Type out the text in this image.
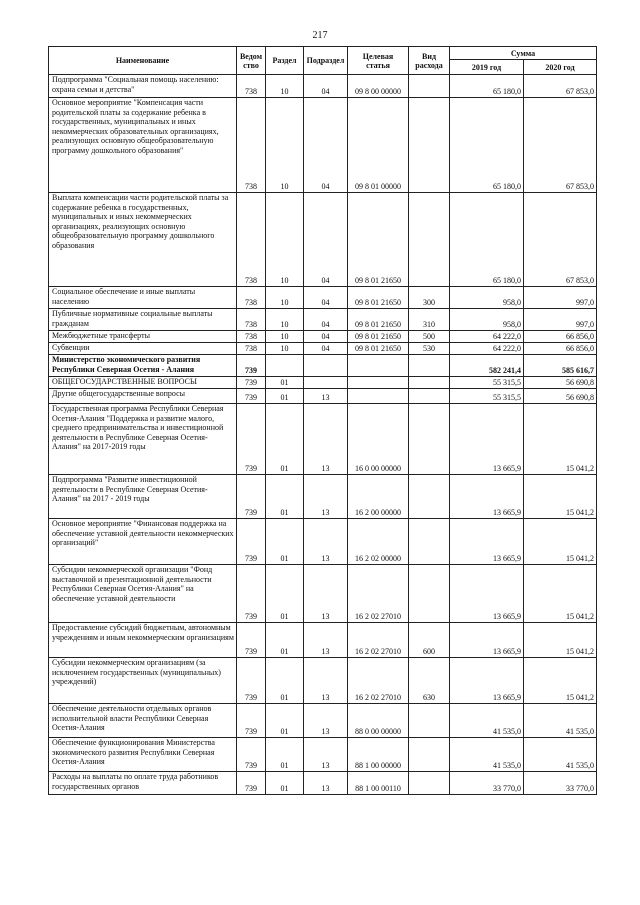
217
Наименование	Ведом ство	Раздел	Подраздел	Целевая статья	Вид расхода	Сумма	
						2019 год	2020 год
Подпрограмма "Социальная помощь населению: охрана семьи и детства"	738	10	04	09 8 00 00000		65 180,0	67 853,0
Основное мероприятие "Компенсация части родительской платы за содержание ребенка в государственных, муниципальных и иных некоммерческих образовательных организациях, реализующих основную общеобразовательную программу дошкольного образования"	738	10	04	09 8 01 00000		65 180,0	67 853,0
Выплата компенсации части родительской платы за содержание ребенка в государственных, муниципальных и иных некоммерческих организациях, реализующих основную общеобразовательную программу дошкольного образования	738	10	04	09 8 01 21650		65 180,0	67 853,0
Социальное обеспечение и иные выплаты населению	738	10	04	09 8 01 21650	300	958,0	997,0
Публичные нормативные социальные выплаты гражданам	738	10	04	09 8 01 21650	310	958,0	997,0
Межбюджетные трансферты	738	10	04	09 8 01 21650	500	64 222,0	66 856,0
Субвенции	738	10	04	09 8 01 21650	530	64 222,0	66 856,0
Министерство экономического развития Республики Северная Осетия - Алания	739					582 241,4	585 616,7
ОБЩЕГОСУДАРСТВЕННЫЕ ВОПРОСЫ	739	01				55 315,5	56 690,8
Другие общегосударственные вопросы	739	01	13			55 315,5	56 690,8
Государственная программа Республики Северная Осетия-Алания "Поддержка и развитие малого, среднего предпринимательства и инвестиционной деятельности в Республике Северная Осетия-Алания" на 2017-2019 годы	739	01	13	16 0 00 00000		13 665,9	15 041,2
Подпрограмма "Развитие инвестиционной деятельности в Республике Северная Осетия-Алания" на 2017 - 2019 годы	739	01	13	16 2 00 00000		13 665,9	15 041,2
Основное мероприятие "Финансовая поддержка на обеспечение уставной деятельности некоммерческих организаций"	739	01	13	16 2 02 00000		13 665,9	15 041,2
Субсидии некоммерческой организации "Фонд выставочной и презентационной деятельности Республики Северная Осетия-Алания" на обеспечение уставной деятельности	739	01	13	16 2 02 27010		13 665,9	15 041,2
Предоставление субсидий бюджетным, автономным учреждениям и иным некоммерческим организациям	739	01	13	16 2 02 27010	600	13 665,9	15 041,2
Субсидии некоммерческим организациям (за исключением государственных (муниципальных) учреждений)	739	01	13	16 2 02 27010	630	13 665,9	15 041,2
Обеспечение деятельности отдельных органов исполнительной власти Республики Северная Осетия-Алания	739	01	13	88 0 00 00000		41 535,0	41 535,0
Обеспечение функционирования Министерства экономического развития Республики Северная Осетия-Алания	739	01	13	88 1 00 00000		41 535,0	41 535,0
Расходы на выплаты по оплате труда работников государственных органов	739	01	13	88 1 00 00110		33 770,0	33 770,0
